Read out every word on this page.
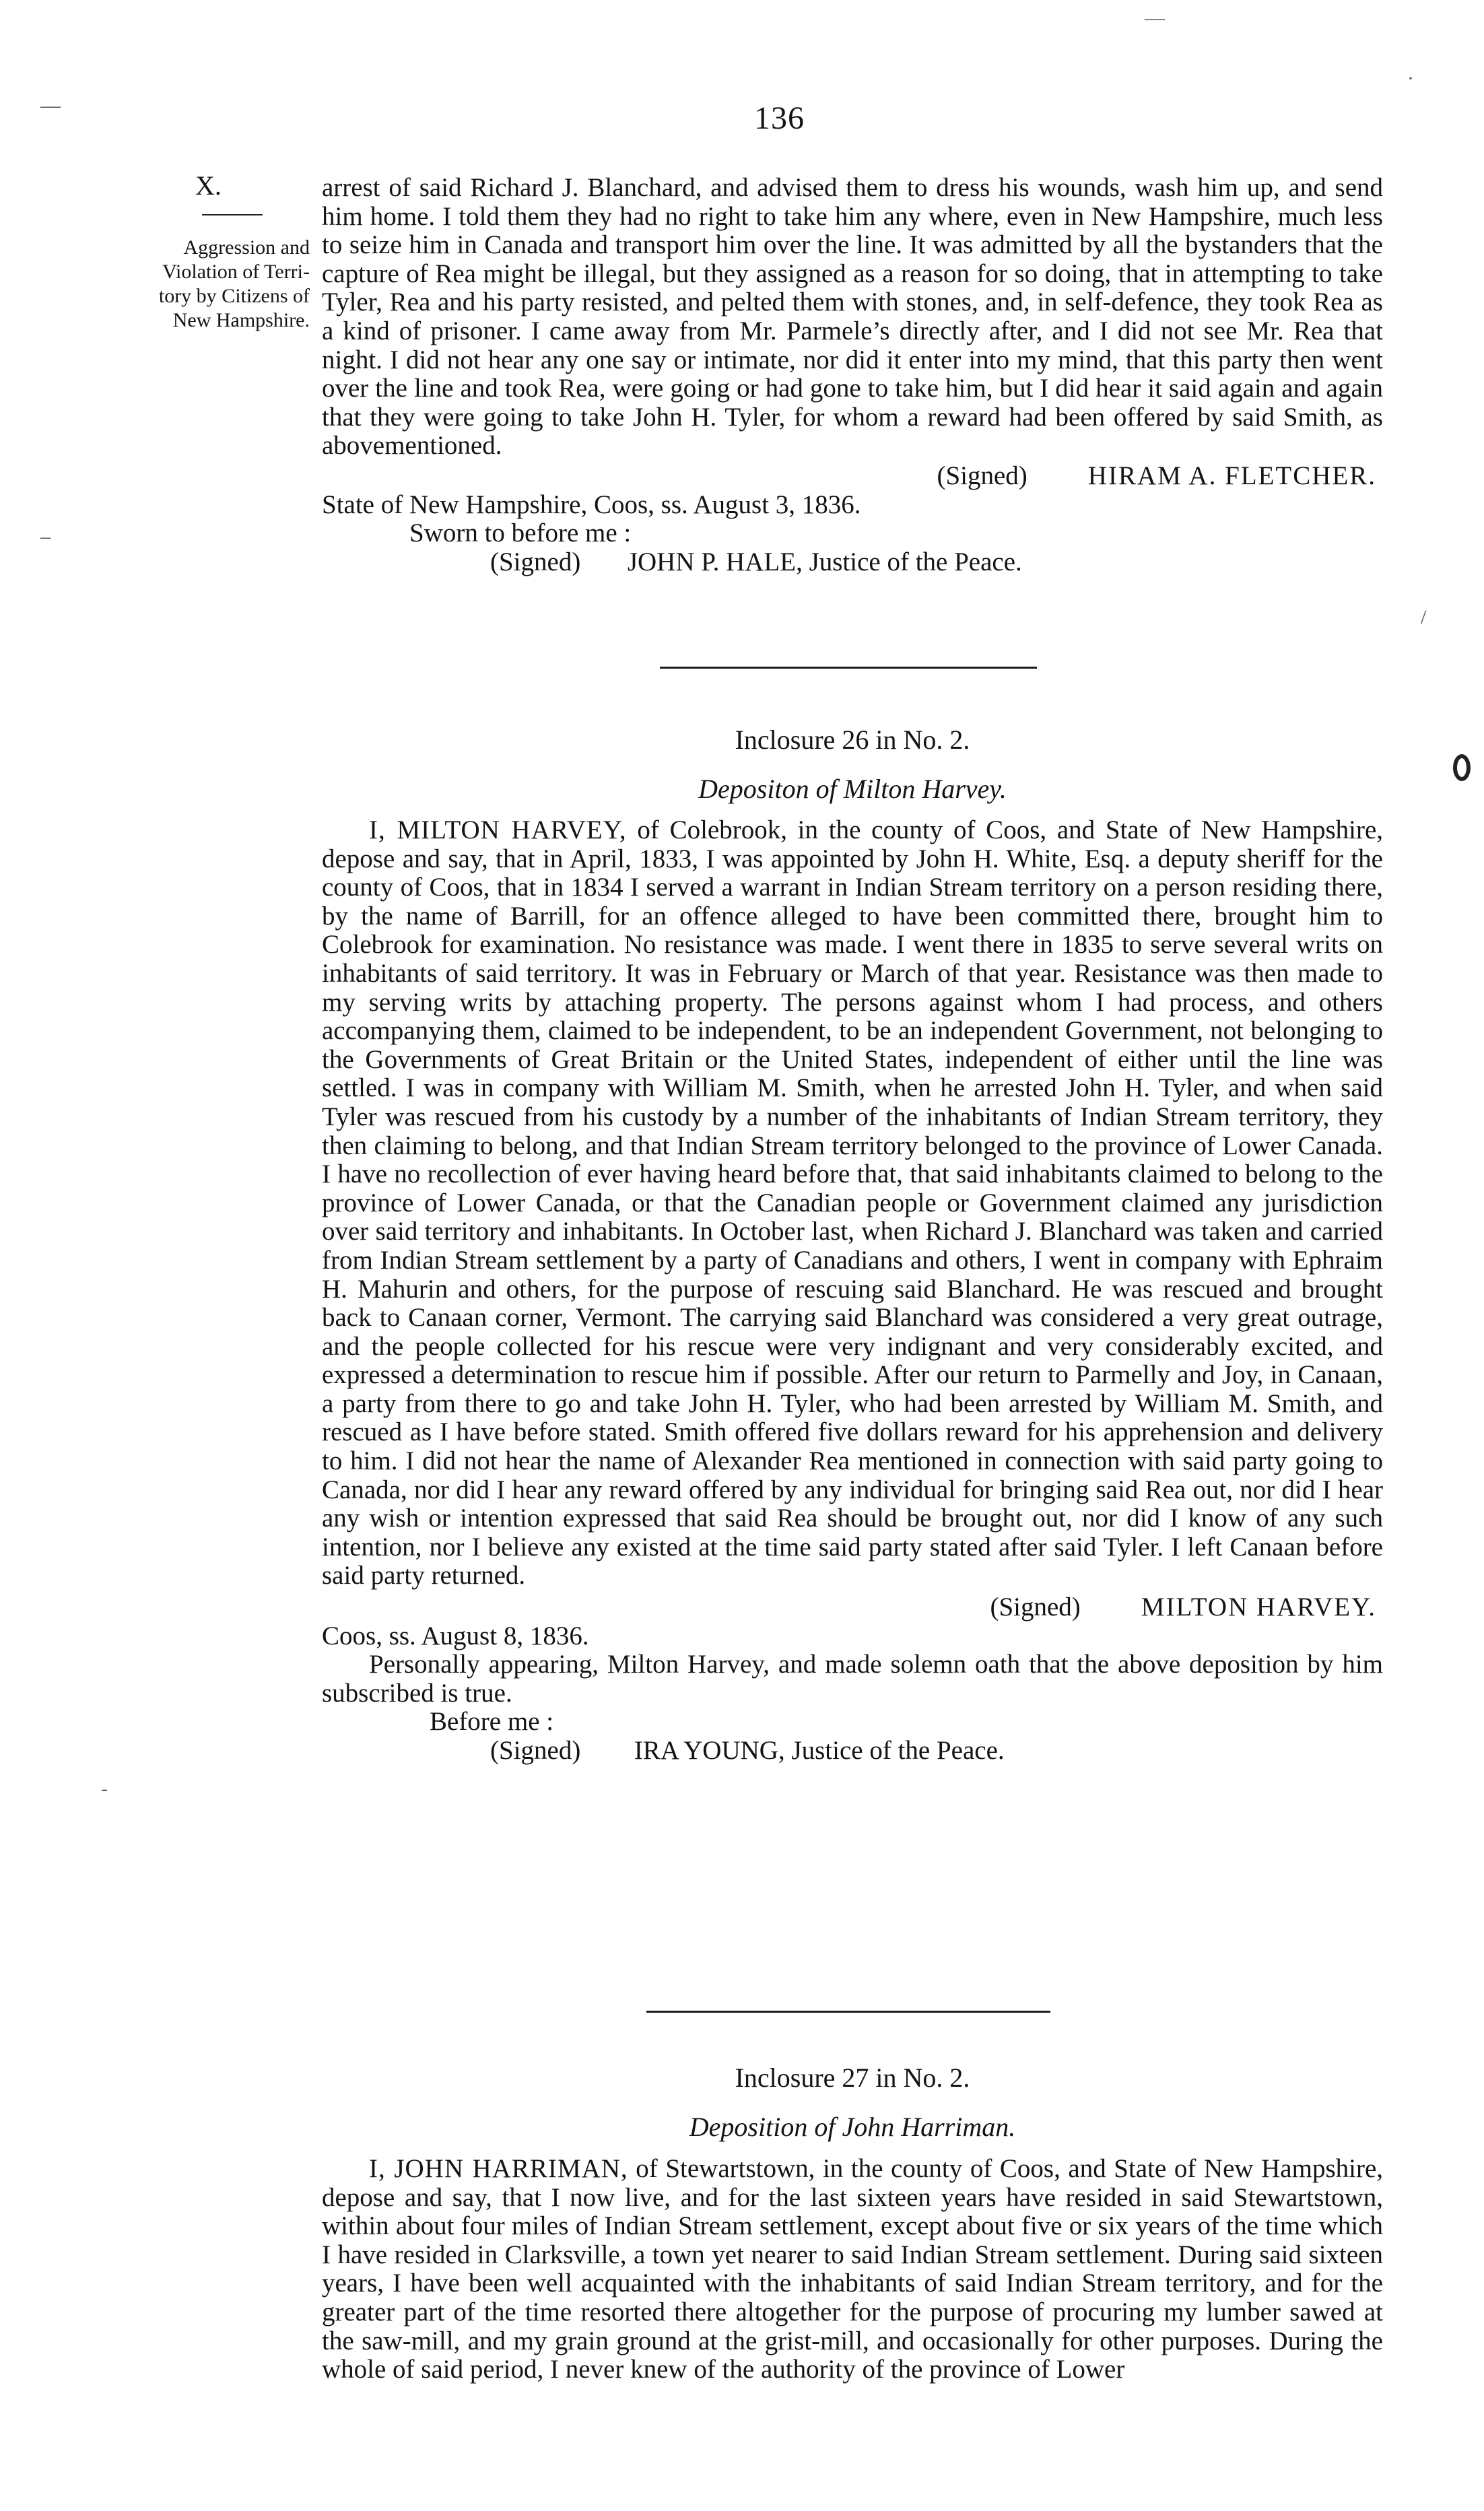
136
X.
Aggression and
Violation of Terri-
tory by Citizens of
New Hampshire.

arrest of said Richard J. Blanchard, and advised them to dress his wounds, wash him up, and send him home. I told them they had no right to take him any where, even in New Hampshire, much less to seize him in Canada and transport him over the line. It was admitted by all the bystanders that the capture of Rea might be illegal, but they assigned as a reason for so doing, that in attempting to take Tyler, Rea and his party resisted, and pelted them with stones, and, in self-defence, they took Rea as a kind of prisoner. I came away from Mr. Parmele’s directly after, and I did not see Mr. Rea that night. I did not hear any one say or intimate, nor did it enter into my mind, that this party then went over the line and took Rea, were going or had gone to take him, but I did hear it said again and again that they were going to take John H. Tyler, for whom a reward had been offered by said Smith, as abovementioned.

(Signed) HIRAM A. FLETCHER.

State of New Hampshire, Coos, ss. August 3, 1836.

Sworn to before me :

(Signed) JOHN P. HALE, Justice of the Peace.

Inclosure 26 in No. 2.
Depositon of Milton Harvey.

I, MILTON HARVEY, of Colebrook, in the county of Coos, and State of New Hampshire, depose and say, that in April, 1833, I was appointed by John H. White, Esq. a deputy sheriff for the county of Coos, that in 1834 I served a warrant in Indian Stream territory on a person residing there, by the name of Barrill, for an offence alleged to have been committed there, brought him to Colebrook for examination. No resistance was made. I went there in 1835 to serve several writs on inhabitants of said territory. It was in February or March of that year. Resistance was then made to my serving writs by attaching property. The persons against whom I had process, and others accompanying them, claimed to be independent, to be an independent Government, not belonging to the Governments of Great Britain or the United States, independent of either until the line was settled. I was in company with William M. Smith, when he arrested John H. Tyler, and when said Tyler was rescued from his custody by a number of the inhabitants of Indian Stream territory, they then claiming to belong, and that Indian Stream territory belonged to the province of Lower Canada. I have no recollection of ever having heard before that, that said inhabitants claimed to belong to the province of Lower Canada, or that the Canadian people or Government claimed any jurisdiction over said territory and inhabitants. In October last, when Richard J. Blanchard was taken and carried from Indian Stream settlement by a party of Canadians and others, I went in company with Ephraim H. Mahurin and others, for the purpose of rescuing said Blanchard. He was rescued and brought back to Canaan corner, Vermont. The carrying said Blanchard was considered a very great outrage, and the people collected for his rescue were very indignant and very considerably excited, and expressed a determination to rescue him if possible. After our return to Parmelly and Joy, in Canaan, a party from there to go and take John H. Tyler, who had been arrested by William M. Smith, and rescued as I have before stated. Smith offered five dollars reward for his apprehension and delivery to him. I did not hear the name of Alexander Rea mentioned in connection with said party going to Canada, nor did I hear any reward offered by any individual for bringing said Rea out, nor did I hear any wish or intention expressed that said Rea should be brought out, nor did I know of any such intention, nor I believe any existed at the time said party stated after said Tyler. I left Canaan before said party returned.

(Signed) MILTON HARVEY.

Coos, ss. August 8, 1836.

Personally appearing, Milton Harvey, and made solemn oath that the above deposition by him subscribed is true.

Before me :

(Signed) IRA YOUNG, Justice of the Peace.

Inclosure 27 in No. 2.
Deposition of John Harriman.

I, JOHN HARRIMAN, of Stewartstown, in the county of Coos, and State of New Hampshire, depose and say, that I now live, and for the last sixteen years have resided in said Stewartstown, within about four miles of Indian Stream settlement, except about five or six years of the time which I have resided in Clarksville, a town yet nearer to said Indian Stream settlement. During said sixteen years, I have been well acquainted with the inhabitants of said Indian Stream territory, and for the greater part of the time resorted there altogether for the purpose of procuring my lumber sawed at the saw-mill, and my grain ground at the grist-mill, and occasionally for other purposes. During the whole of said period, I never knew of the authority of the province of Lower

—
—
·
/
–
-
